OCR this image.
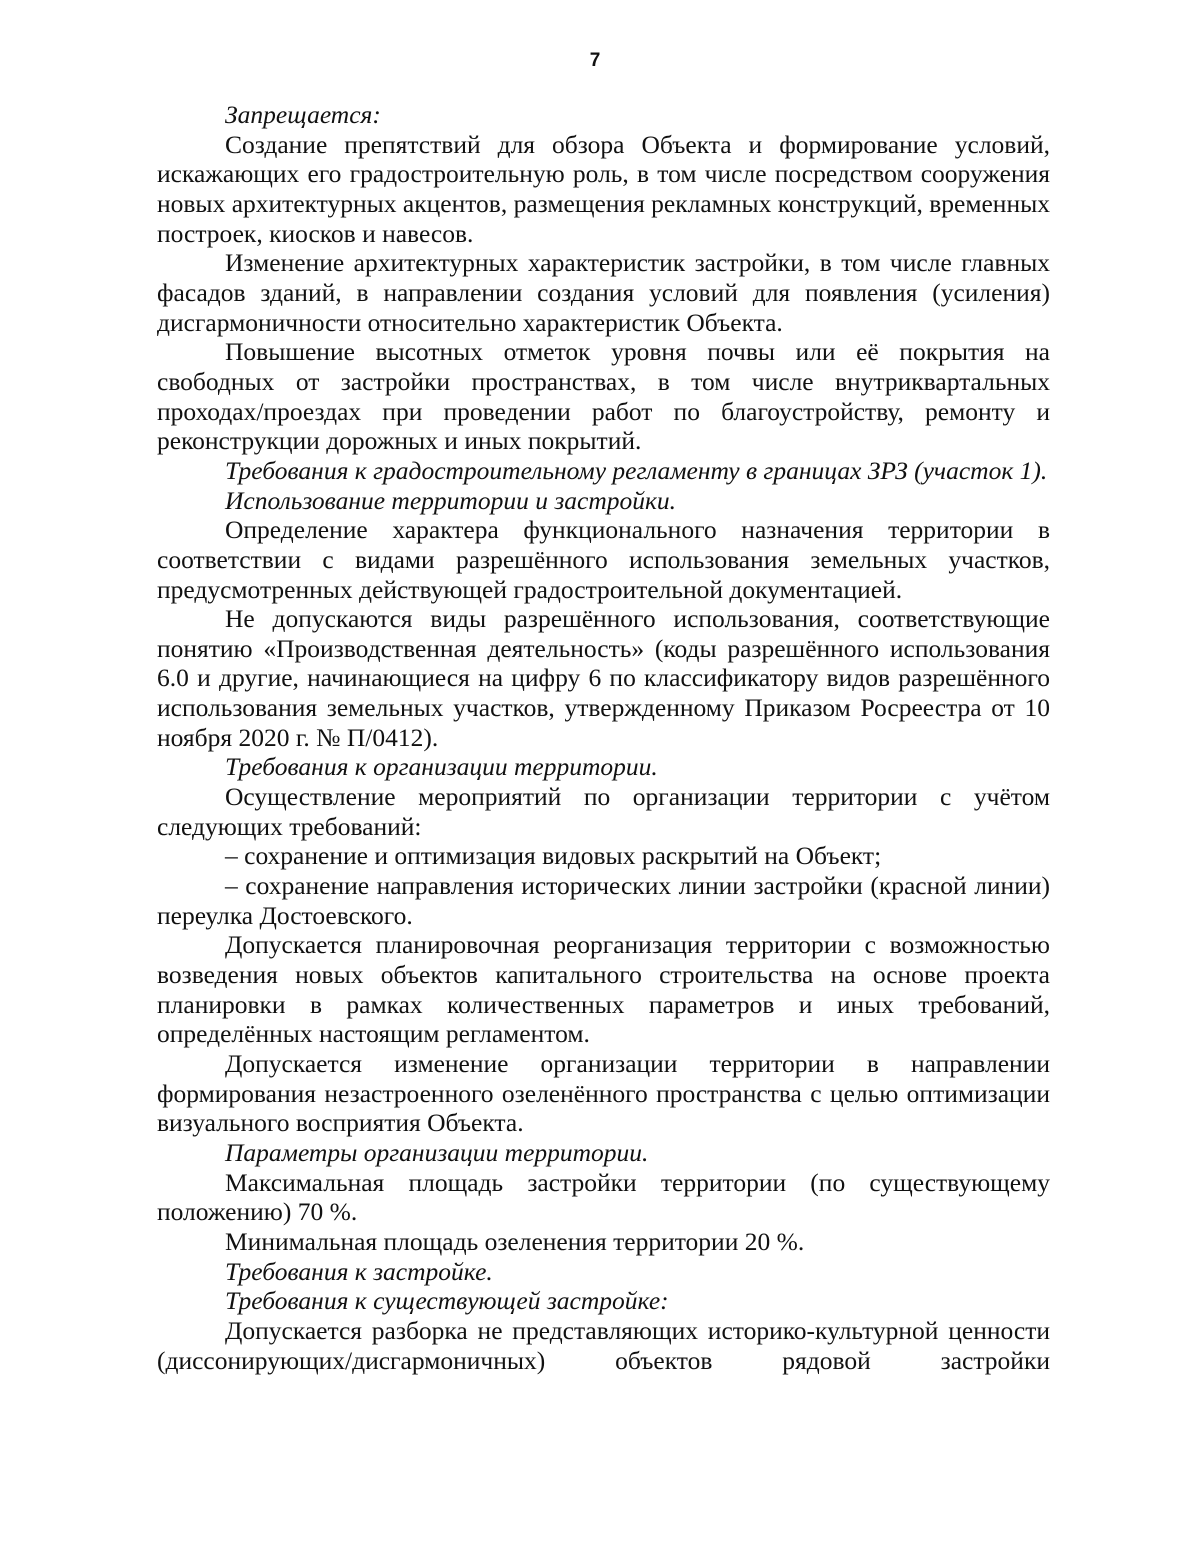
7

Запрещается:

Создание препятствий для обзора Объекта и формирование условий, искажающих его градостроительную роль, в том числе посредством сооружения новых архитектурных акцентов, размещения рекламных конструкций, временных построек, киосков и навесов.

Изменение архитектурных характеристик застройки, в том числе главных фасадов зданий, в направлении создания условий для появления (усиления) дисгармоничности относительно характеристик Объекта.

Повышение высотных отметок уровня почвы или её покрытия на свободных от застройки пространствах, в том числе внутриквартальных проходах/проездах при проведении работ по благоустройству, ремонту и реконструкции дорожных и иных покрытий.

Требования к градостроительному регламенту в границах ЗРЗ (участок 1).

Использование территории и застройки.

Определение характера функционального назначения территории в соответствии с видами разрешённого использования земельных участков, предусмотренных действующей градостроительной документацией.

Не допускаются виды разрешённого использования, соответствующие понятию «Производственная деятельность» (коды разрешённого использования 6.0 и другие, начинающиеся на цифру 6 по классификатору видов разрешённого использования земельных участков, утвержденному Приказом Росреестра от 10 ноября 2020 г. № П/0412).

Требования к организации территории.

Осуществление мероприятий по организации территории с учётом следующих требований:

– сохранение и оптимизация видовых раскрытий на Объект;

– сохранение направления исторических линии застройки (красной линии) переулка Достоевского.

Допускается планировочная реорганизация территории с возможностью возведения новых объектов капитального строительства на основе проекта планировки в рамках количественных параметров и иных требований, определённых настоящим регламентом.

Допускается изменение организации территории в направлении формирования незастроенного озеленённого пространства с целью оптимизации визуального восприятия Объекта.

Параметры организации территории.

Максимальная площадь застройки территории (по существующему положению) 70 %.

Минимальная площадь озеленения территории 20 %.

Требования к застройке.

Требования к существующей застройке:

Допускается разборка не представляющих историко-культурной ценности (диссонирующих/дисгармоничных) объектов рядовой застройки
